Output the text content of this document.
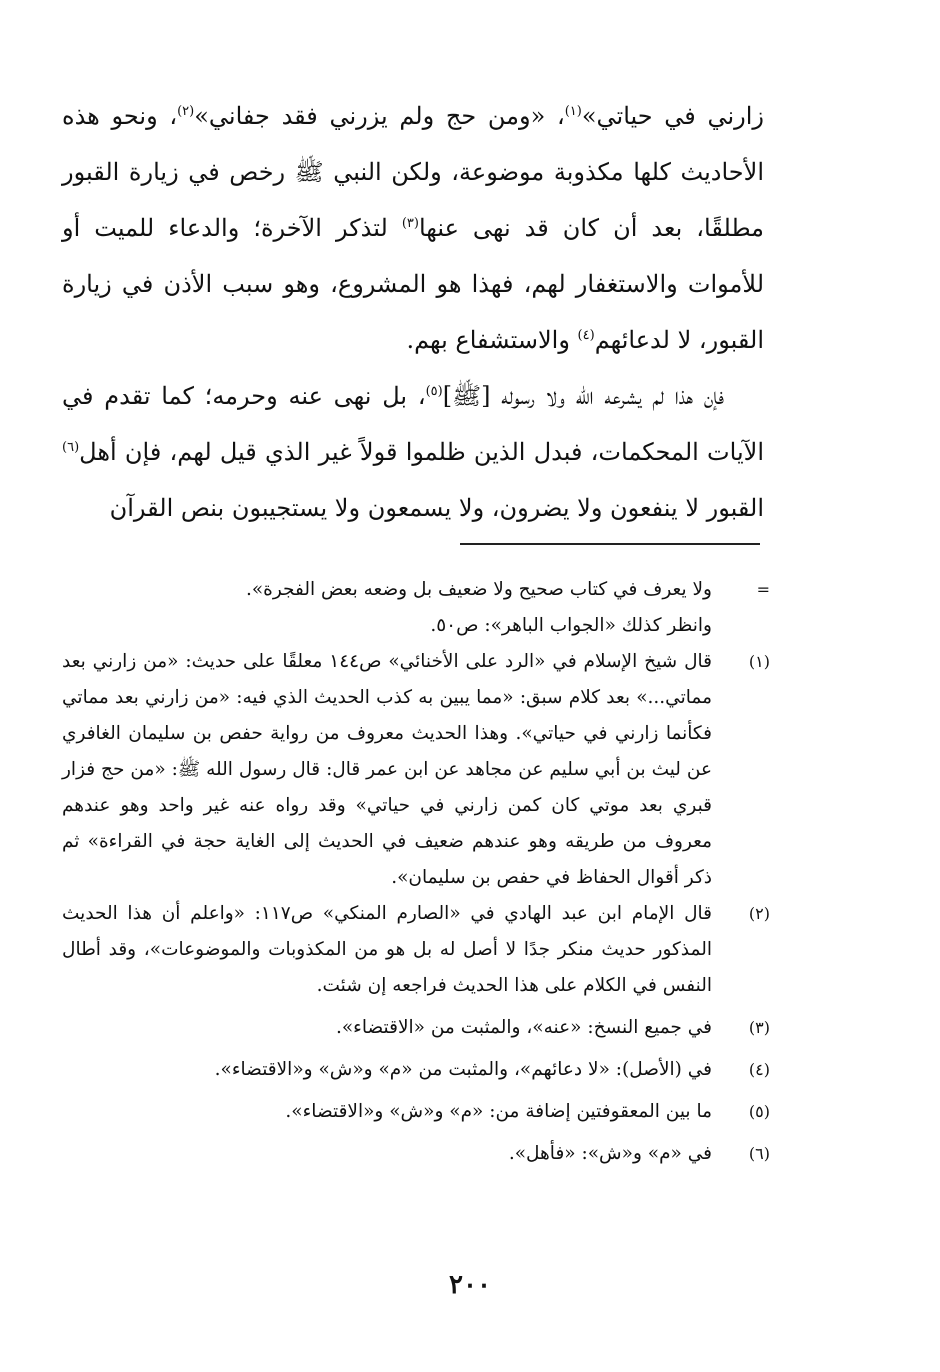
زارني في حياتي»$^{(١)}$، «ومن حج ولم يزرني فقد جفاني»$^{(٢)}$، ونحو هذه الأحاديث كلها مكذوبة موضوعة، ولكن النبي ﷺ رخص في زيارة القبور مطلقًا، بعد أن كان قد نهى عنها$^{(٣)}$ لتذكر الآخرة؛ والدعاء للميت أو للأموات والاستغفار لهم، فهذا هو المشروع، وهو سبب الأذن في زيارة القبور، لا لدعائهم$^{(٤)}$ والاستشفاع بهم.

فإن هذا لم يشرعه الله ولا رسوله [ﷺ]$^{(٥)}$، بل نهى عنه وحرمه؛ كما تقدم في الآيات المحكمات، فبدل الذين ظلموا قولاً غير الذي قيل لهم، فإن أهل$^{(٦)}$ القبور لا ينفعون ولا يضرون، ولا يسمعون ولا يستجيبون بنص القرآن

=

ولا يعرف في كتاب صحيح ولا ضعيف بل وضعه بعض الفجرة».

وانظر كذلك «الجواب الباهر»: ص٥٠.

(١)
قال شيخ الإسلام في «الرد على الأخنائي» ص١٤٤ معلقًا على حديث: «من زارني بعد مماتي...» بعد كلام سبق: «مما يبين به كذب الحديث الذي فيه: «من زارني بعد مماتي فكأنما زارني في حياتي». وهذا الحديث معروف من رواية حفص بن سليمان الغافري عن ليث بن أبي سليم عن مجاهد عن ابن عمر قال: قال رسول الله ﷺ: «من حج فزار قبري بعد موتي كان كمن زارني في حياتي» وقد رواه عنه غير واحد وهو عندهم معروف من طريقه وهو عندهم ضعيف في الحديث إلى الغاية حجة في القراءة» ثم ذكر أقوال الحفاظ في حفص بن سليمان».
(٢)
قال الإمام ابن عبد الهادي في «الصارم المنكي» ص١١٧: «واعلم أن هذا الحديث المذكور حديث منكر جدًا لا أصل له بل هو من المكذوبات والموضوعات»، وقد أطال النفس في الكلام على هذا الحديث فراجعه إن شئت.
(٣)
في جميع النسخ: «عنه»، والمثبت من «الاقتضاء».
(٤)
في (الأصل): «لا دعائهم»، والمثبت من «م» و«ش» و«الاقتضاء».
(٥)
ما بين المعقوفتين إضافة من: «م» و«ش» و«الاقتضاء».
(٦)
في «م» و«ش»: «فأهل».
٢٠٠
